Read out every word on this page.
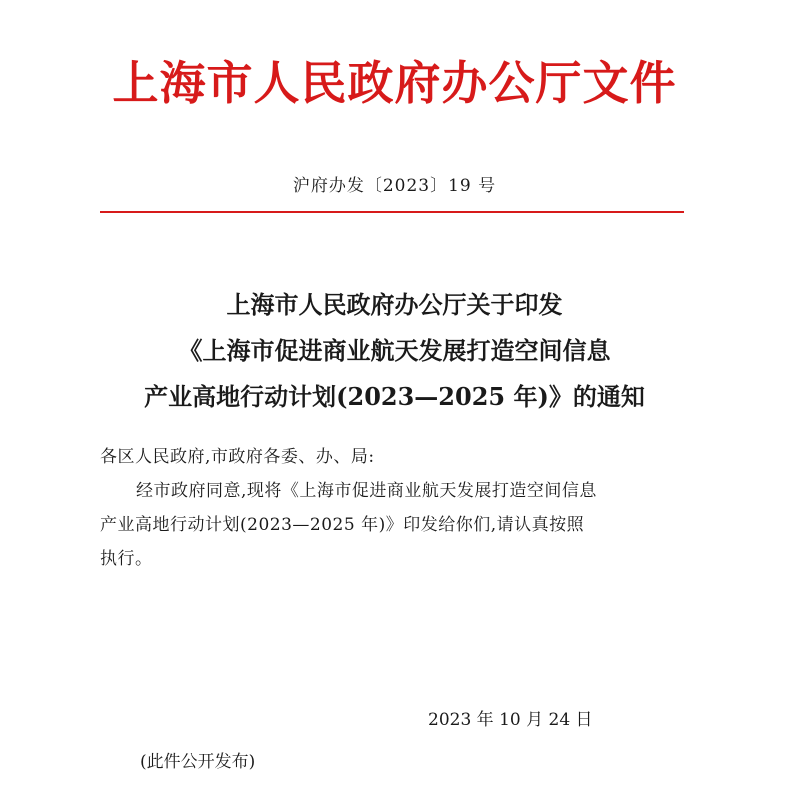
上海市人民政府办公厅文件
沪府办发〔2023〕19 号
上海市人民政府办公厅关于印发
《上海市促进商业航天发展打造空间信息
产业高地行动计划(2023—2025 年)》的通知
各区人民政府,市政府各委、办、局:
经市政府同意,现将《上海市促进商业航天发展打造空间信息
产业高地行动计划(2023—2025 年)》印发给你们,请认真按照
执行。
2023 年 10 月 24 日
(此件公开发布)
